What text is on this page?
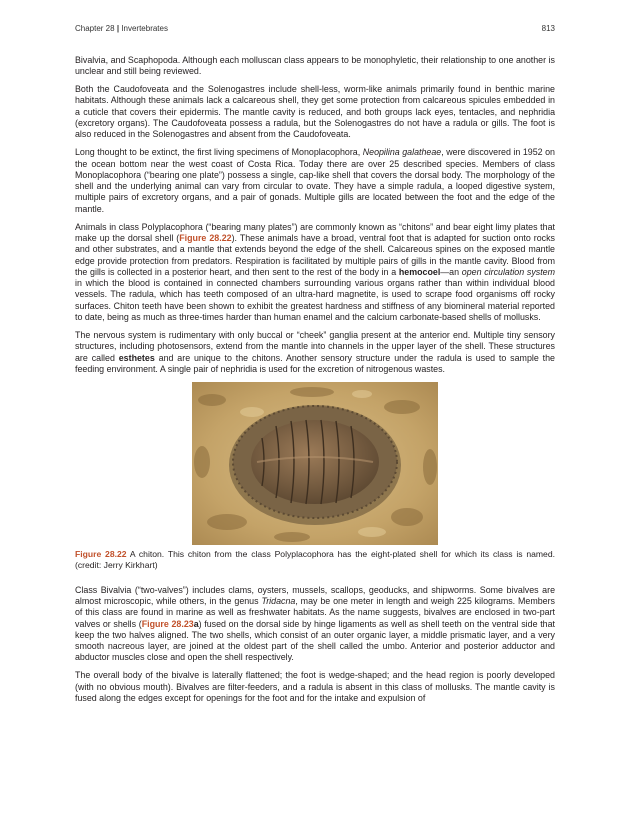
Chapter 28 | Invertebrates	813

Bivalvia, and Scaphopoda. Although each molluscan class appears to be monophyletic, their relationship to one another is unclear and still being reviewed.

Both the Caudofoveata and the Solenogastres include shell-less, worm-like animals primarily found in benthic marine habitats. Although these animals lack a calcareous shell, they get some protection from calcareous spicules embedded in a cuticle that covers their epidermis. The mantle cavity is reduced, and both groups lack eyes, tentacles, and nephridia (excretory organs). The Caudofoveata possess a radula, but the Solenogastres do not have a radula or gills. The foot is also reduced in the Solenogastres and absent from the Caudofoveata.

Long thought to be extinct, the first living specimens of Monoplacophora, Neopilina galatheae, were discovered in 1952 on the ocean bottom near the west coast of Costa Rica. Today there are over 25 described species. Members of class Monoplacophora (“bearing one plate”) possess a single, cap-like shell that covers the dorsal body. The morphology of the shell and the underlying animal can vary from circular to ovate. They have a simple radula, a looped digestive system, multiple pairs of excretory organs, and a pair of gonads. Multiple gills are located between the foot and the edge of the mantle.

Animals in class Polyplacophora (“bearing many plates”) are commonly known as “chitons” and bear eight limy plates that make up the dorsal shell (Figure 28.22). These animals have a broad, ventral foot that is adapted for suction onto rocks and other substrates, and a mantle that extends beyond the edge of the shell. Calcareous spines on the exposed mantle edge provide protection from predators. Respiration is facilitated by multiple pairs of gills in the mantle cavity. Blood from the gills is collected in a posterior heart, and then sent to the rest of the body in a hemocoel—an open circulation system in which the blood is contained in connected chambers surrounding various organs rather than within individual blood vessels. The radula, which has teeth composed of an ultra-hard magnetite, is used to scrape food organisms off rocky surfaces. Chiton teeth have been shown to exhibit the greatest hardness and stiffness of any biomineral material reported to date, being as much as three-times harder than human enamel and the calcium carbonate-based shells of mollusks.

The nervous system is rudimentary with only buccal or “cheek” ganglia present at the anterior end. Multiple tiny sensory structures, including photosensors, extend from the mantle into channels in the upper layer of the shell. These structures are called esthetes and are unique to the chitons. Another sensory structure under the radula is used to sample the feeding environment. A single pair of nephridia is used for the excretion of nitrogenous wastes.

Figure 28.22 A chiton. This chiton from the class Polyplacophora has the eight-plated shell for which its class is named. (credit: Jerry Kirkhart)

Class Bivalvia (“two-valves”) includes clams, oysters, mussels, scallops, geoducks, and shipworms. Some bivalves are almost microscopic, while others, in the genus Tridacna, may be one meter in length and weigh 225 kilograms. Members of this class are found in marine as well as freshwater habitats. As the name suggests, bivalves are enclosed in two-part valves or shells (Figure 28.23a) fused on the dorsal side by hinge ligaments as well as shell teeth on the ventral side that keep the two halves aligned. The two shells, which consist of an outer organic layer, a middle prismatic layer, and a very smooth nacreous layer, are joined at the oldest part of the shell called the umbo. Anterior and posterior adductor and abductor muscles close and open the shell respectively.

The overall body of the bivalve is laterally flattened; the foot is wedge-shaped; and the head region is poorly developed (with no obvious mouth). Bivalves are filter-feeders, and a radula is absent in this class of mollusks. The mantle cavity is fused along the edges except for openings for the foot and for the intake and expulsion of
